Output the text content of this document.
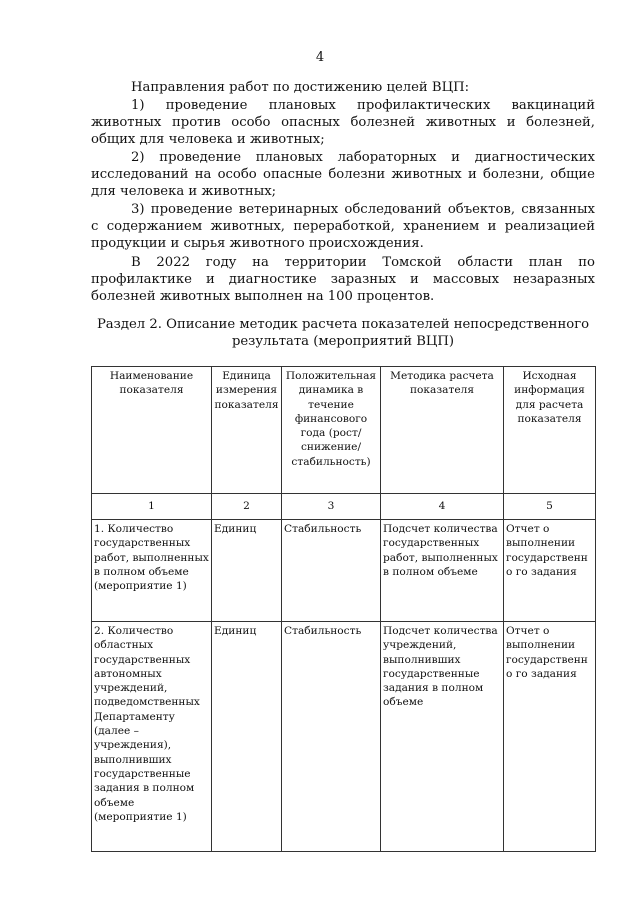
4
Направления работ по достижению целей ВЦП:
1) проведение плановых профилактических вакцинаций животных против особо опасных болезней животных и болезней, общих для человека и животных;
2) проведение плановых лабораторных и диагностических исследований на особо опасные болезни животных и болезни, общие для человека и животных;
3) проведение ветеринарных обследований объектов, связанных с содержанием животных, переработкой, хранением и реализацией продукции и сырья животного происхождения.
В 2022 году на территории Томской области план по профилактике и диагностике заразных и массовых незаразных болезней животных выполнен на 100 процентов.
Раздел 2. Описание методик расчета показателей непосредственного результата (мероприятий ВЦП)
Наименование показателя	Единица измерения показателя	Положительная динамика в течение финансового года (рост/снижение/ стабильность)	Методика расчета показателя	Исходная информация для расчета показателя
1	2	3	4	5
1. Количество государственных работ, выполненных в полном объеме (мероприятие 1)	Единиц	Стабильность	Подсчет количества государственных работ, выполненных в полном объеме	Отчет о выполнении государственно го задания
2. Количество областных государственных автономных учреждений, подведомственных Департаменту (далее – учреждения), выполнивших государственные задания в полном объеме (мероприятие 1)	Единиц	Стабильность	Подсчет количества учреждений, выполнивших государственные задания в полном объеме	Отчет о выполнении государственно го задания
